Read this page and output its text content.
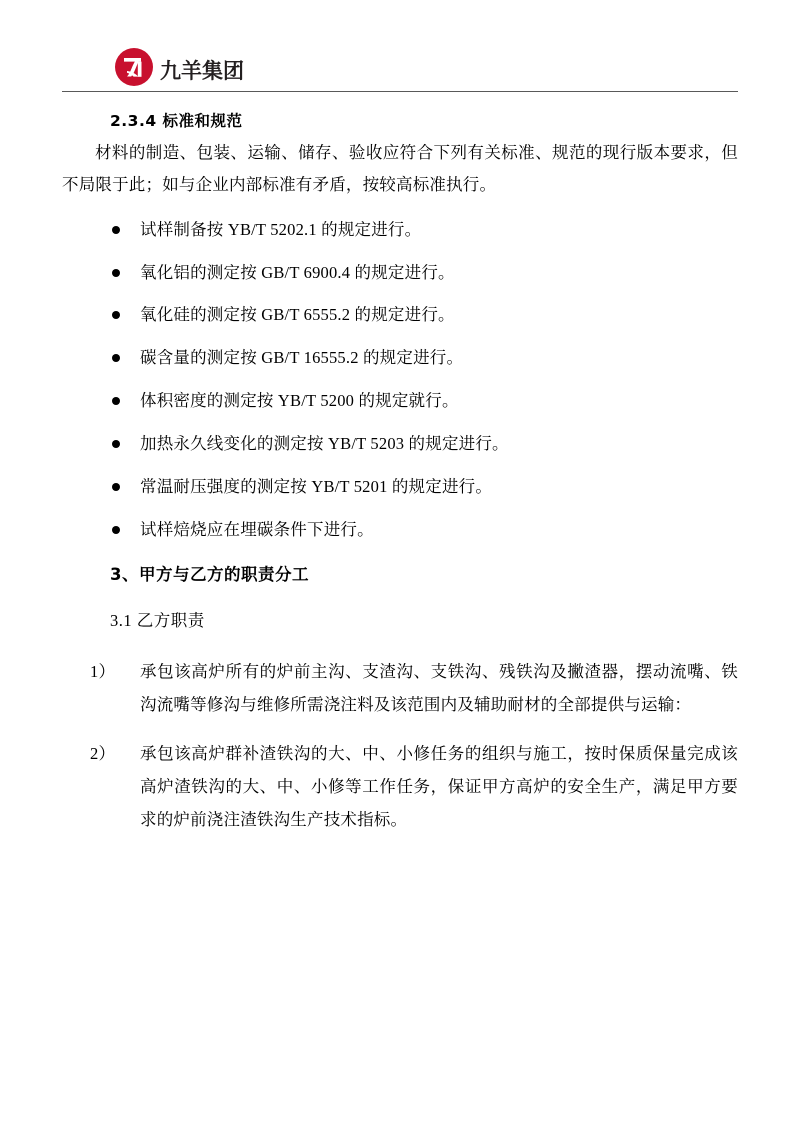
九羊集团
2.3.4 标准和规范

材料的制造、包装、运输、储存、验收应符合下列有关标准、规范的现行版本要求，但不局限于此；如与企业内部标准有矛盾，按较高标准执行。

试样制备按 YB/T 5202.1 的规定进行。
氧化铝的测定按 GB/T 6900.4 的规定进行。
氧化硅的测定按 GB/T 6555.2 的规定进行。
碳含量的测定按 GB/T 16555.2 的规定进行。
体积密度的测定按 YB/T 5200 的规定就行。
加热永久线变化的测定按 YB/T 5203 的规定进行。
常温耐压强度的测定按 YB/T 5201 的规定进行。
试样焙烧应在埋碳条件下进行。
3、甲方与乙方的职责分工
3.1 乙方职责
1） 承包该高炉所有的炉前主沟、支渣沟、支铁沟、残铁沟及撇渣器，摆动流嘴、铁沟流嘴等修沟与维修所需浇注料及该范围内及辅助耐材的全部提供与运输：
2） 承包该高炉群补渣铁沟的大、中、小修任务的组织与施工，按时保质保量完成该高炉渣铁沟的大、中、小修等工作任务，保证甲方高炉的安全生产，满足甲方要求的炉前浇注渣铁沟生产技术指标。
